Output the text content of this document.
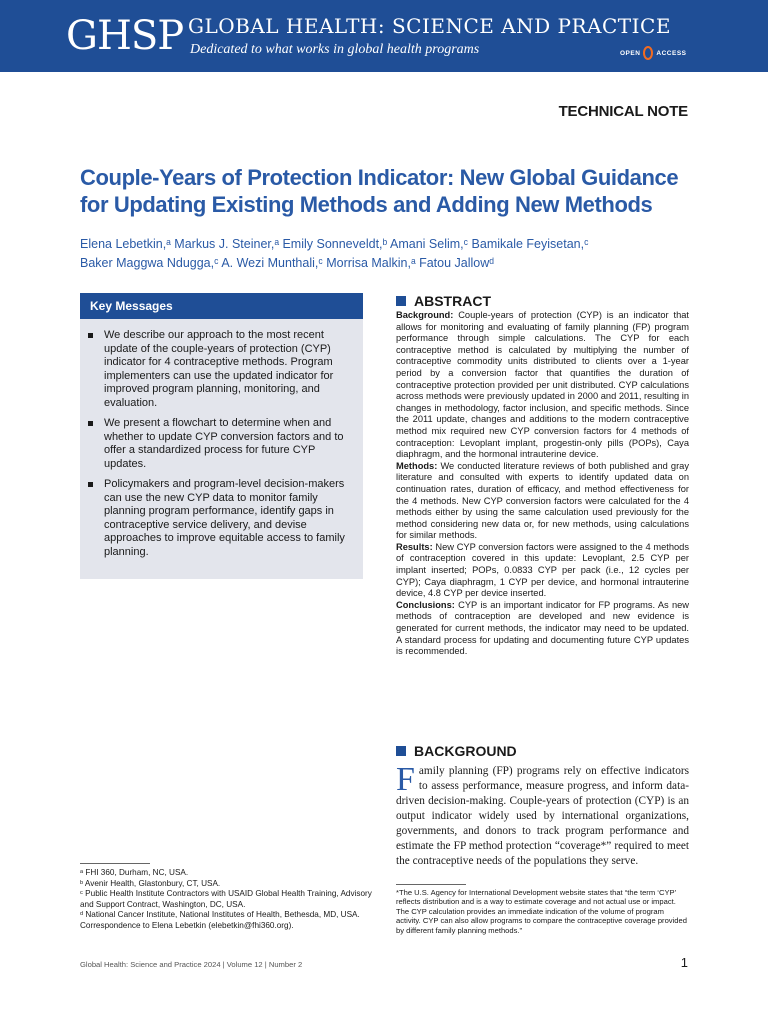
GHSP GLOBAL HEALTH: SCIENCE AND PRACTICE
Dedicated to what works in global health programs	OPEN ACCESS
TECHNICAL NOTE
Couple-Years of Protection Indicator: New Global Guidance for Updating Existing Methods and Adding New Methods
Elena Lebetkin,ᵃ Markus J. Steiner,ᵃ Emily Sonneveldt,ᵇ Amani Selim,ᶜ Bamikale Feyisetan,ᶜ
Baker Maggwa Ndugga,ᶜ A. Wezi Munthali,ᶜ Morrisa Malkin,ᵃ Fatou Jallowᵈ
Key Messages
We describe our approach to the most recent update of the couple-years of protection (CYP) indicator for 4 contraceptive methods. Program implementers can use the updated indicator for improved program planning, monitoring, and evaluation.
We present a flowchart to determine when and whether to update CYP conversion factors and to offer a standardized process for future CYP updates.
Policymakers and program-level decision-makers can use the new CYP data to monitor family planning program performance, identify gaps in contraceptive service delivery, and devise approaches to improve equitable access to family planning.
ABSTRACT

Background: Couple-years of protection (CYP) is an indicator that allows for monitoring and evaluating of family planning (FP) program performance through simple calculations. The CYP for each contraceptive method is calculated by multiplying the number of contraceptive commodity units distributed to clients over a 1-year period by a conversion factor that quantifies the duration of contraceptive protection provided per unit distributed. CYP calculations across methods were previously updated in 2000 and 2011, resulting in changes in methodology, factor inclusion, and specific methods. Since the 2011 update, changes and additions to the modern contraceptive method mix required new CYP conversion factors for 4 methods of contraception: Levoplant implant, progestin-only pills (POPs), Caya diaphragm, and the hormonal intrauterine device.
Methods: We conducted literature reviews of both published and gray literature and consulted with experts to identify updated data on continuation rates, duration of efficacy, and method effectiveness for the 4 methods. New CYP conversion factors were calculated for the 4 methods either by using the same calculation used previously for the method considering new data or, for new methods, using calculations for similar methods.
Results: New CYP conversion factors were assigned to the 4 methods of contraception covered in this update: Levoplant, 2.5 CYP per implant inserted; POPs, 0.0833 CYP per pack (i.e., 12 cycles per CYP); Caya diaphragm, 1 CYP per device, and hormonal intrauterine device, 4.8 CYP per device inserted.
Conclusions: CYP is an important indicator for FP programs. As new methods of contraception are developed and new evidence is generated for current methods, the indicator may need to be updated. A standard process for updating and documenting future CYP updates is recommended.

BACKGROUND

Family planning (FP) programs rely on effective indicators to assess performance, measure progress, and inform data-driven decision-making. Couple-years of protection (CYP) is an output indicator widely used by international organizations, governments, and donors to track program performance and estimate the FP method protection “coverage*” required to meet the contraceptive needs of the populations they serve.

*The U.S. Agency for International Development website states that “the term ‘CYP’ reflects distribution and is a way to estimate coverage and not actual use or impact. The CYP calculation provides an immediate indication of the volume of program activity. CYP can also allow programs to compare the contraceptive coverage provided by different family planning methods.”

ᵃ FHI 360, Durham, NC, USA.
ᵇ Avenir Health, Glastonbury, CT, USA.
ᶜ Public Health Institute Contractors with USAID Global Health Training, Advisory and Support Contract, Washington, DC, USA.
ᵈ National Cancer Institute, National Institutes of Health, Bethesda, MD, USA.
Correspondence to Elena Lebetkin (elebetkin@fhi360.org).
Global Health: Science and Practice 2024 | Volume 12 | Number 2	1
